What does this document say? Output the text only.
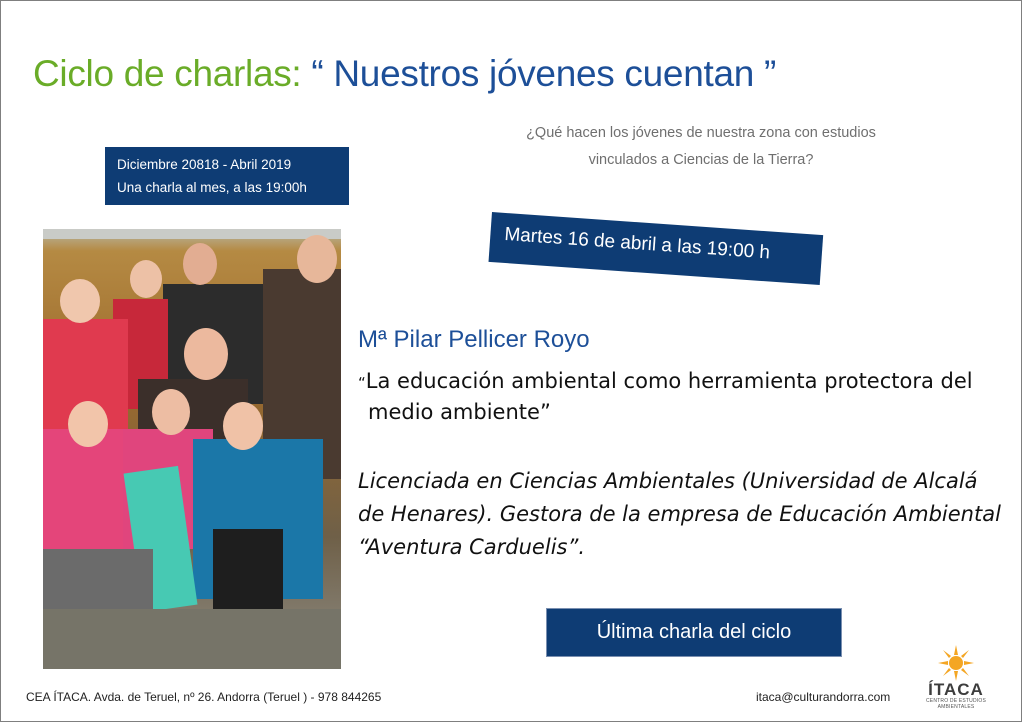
Ciclo de charlas: “ Nuestros jóvenes cuentan ”
¿Qué hacen los jóvenes de nuestra zona con estudios
vinculados a Ciencias de la Tierra?
Diciembre 20818 - Abril 2019
Una charla al mes, a las 19:00h
Martes 16 de abril a las 19:00 h
Mª Pilar Pellicer Royo
“La educación ambiental como herramienta protectora del
medio ambiente”
Licenciada en Ciencias Ambientales (Universidad de Alcalá
de Henares). Gestora de la empresa de Educación Ambiental
“Aventura Carduelis”.
Última charla del ciclo
CEA ÍTACA. Avda. de Teruel, nº 26. Andorra (Teruel ) - 978 844265	itaca@culturandorra.com	ÍTACA
CENTRO DE ESTUDIOS
AMBIENTALES
